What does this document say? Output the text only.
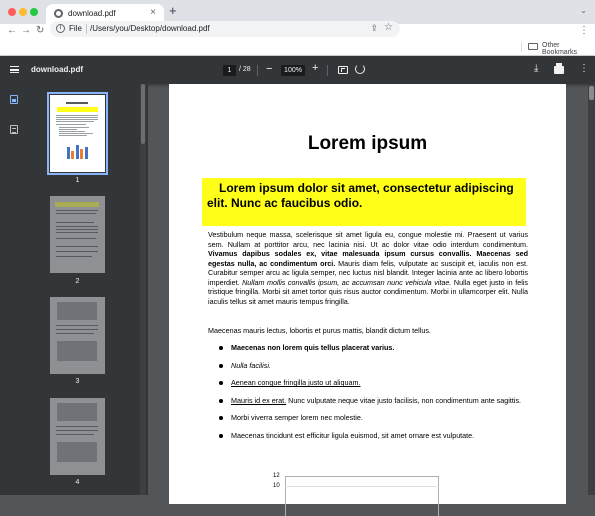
download.pdf	× +	⌄
← → ↻	i File /Users/you/Desktop/download.pdf	⇪ ☆	⋮
Other Bookmarks
download.pdf	1	/ 28 −	100% +	⤓	⋮
1
2
3
4
Lorem ipsum
Lorem ipsum dolor sit amet, consectetur adipiscing elit. Nunc ac faucibus odio.
Vestibulum neque massa, scelerisque sit amet ligula eu, congue molestie mi. Praesent ut varius sem. Nullam at porttitor arcu, nec lacinia nisi. Ut ac dolor vitae odio interdum condimentum. Vivamus dapibus sodales ex, vitae malesuada ipsum cursus convallis. Maecenas sed egestas nulla, ac condimentum orci. Mauris diam felis, vulputate ac suscipit et, iaculis non est. Curabitur semper arcu ac ligula semper, nec luctus nisl blandit. Integer lacinia ante ac libero lobortis imperdiet. Nullam mollis convallis ipsum, ac accumsan nunc vehicula vitae. Nulla eget justo in felis tristique fringilla. Morbi sit amet tortor quis risus auctor condimentum. Morbi in ullamcorper elit. Nulla iaculis tellus sit amet mauris tempus fringilla.
Maecenas mauris lectus, lobortis et purus mattis, blandit dictum tellus.
Maecenas non lorem quis tellus placerat varius.
Nulla facilisi.
Aenean congue fringilla justo ut aliquam.
Mauris id ex erat. Nunc vulputate neque vitae justo facilisis, non condimentum ante sagittis.
Morbi viverra semper lorem nec molestie.
Maecenas tincidunt est efficitur ligula euismod, sit amet ornare est vulputate.
12
10
